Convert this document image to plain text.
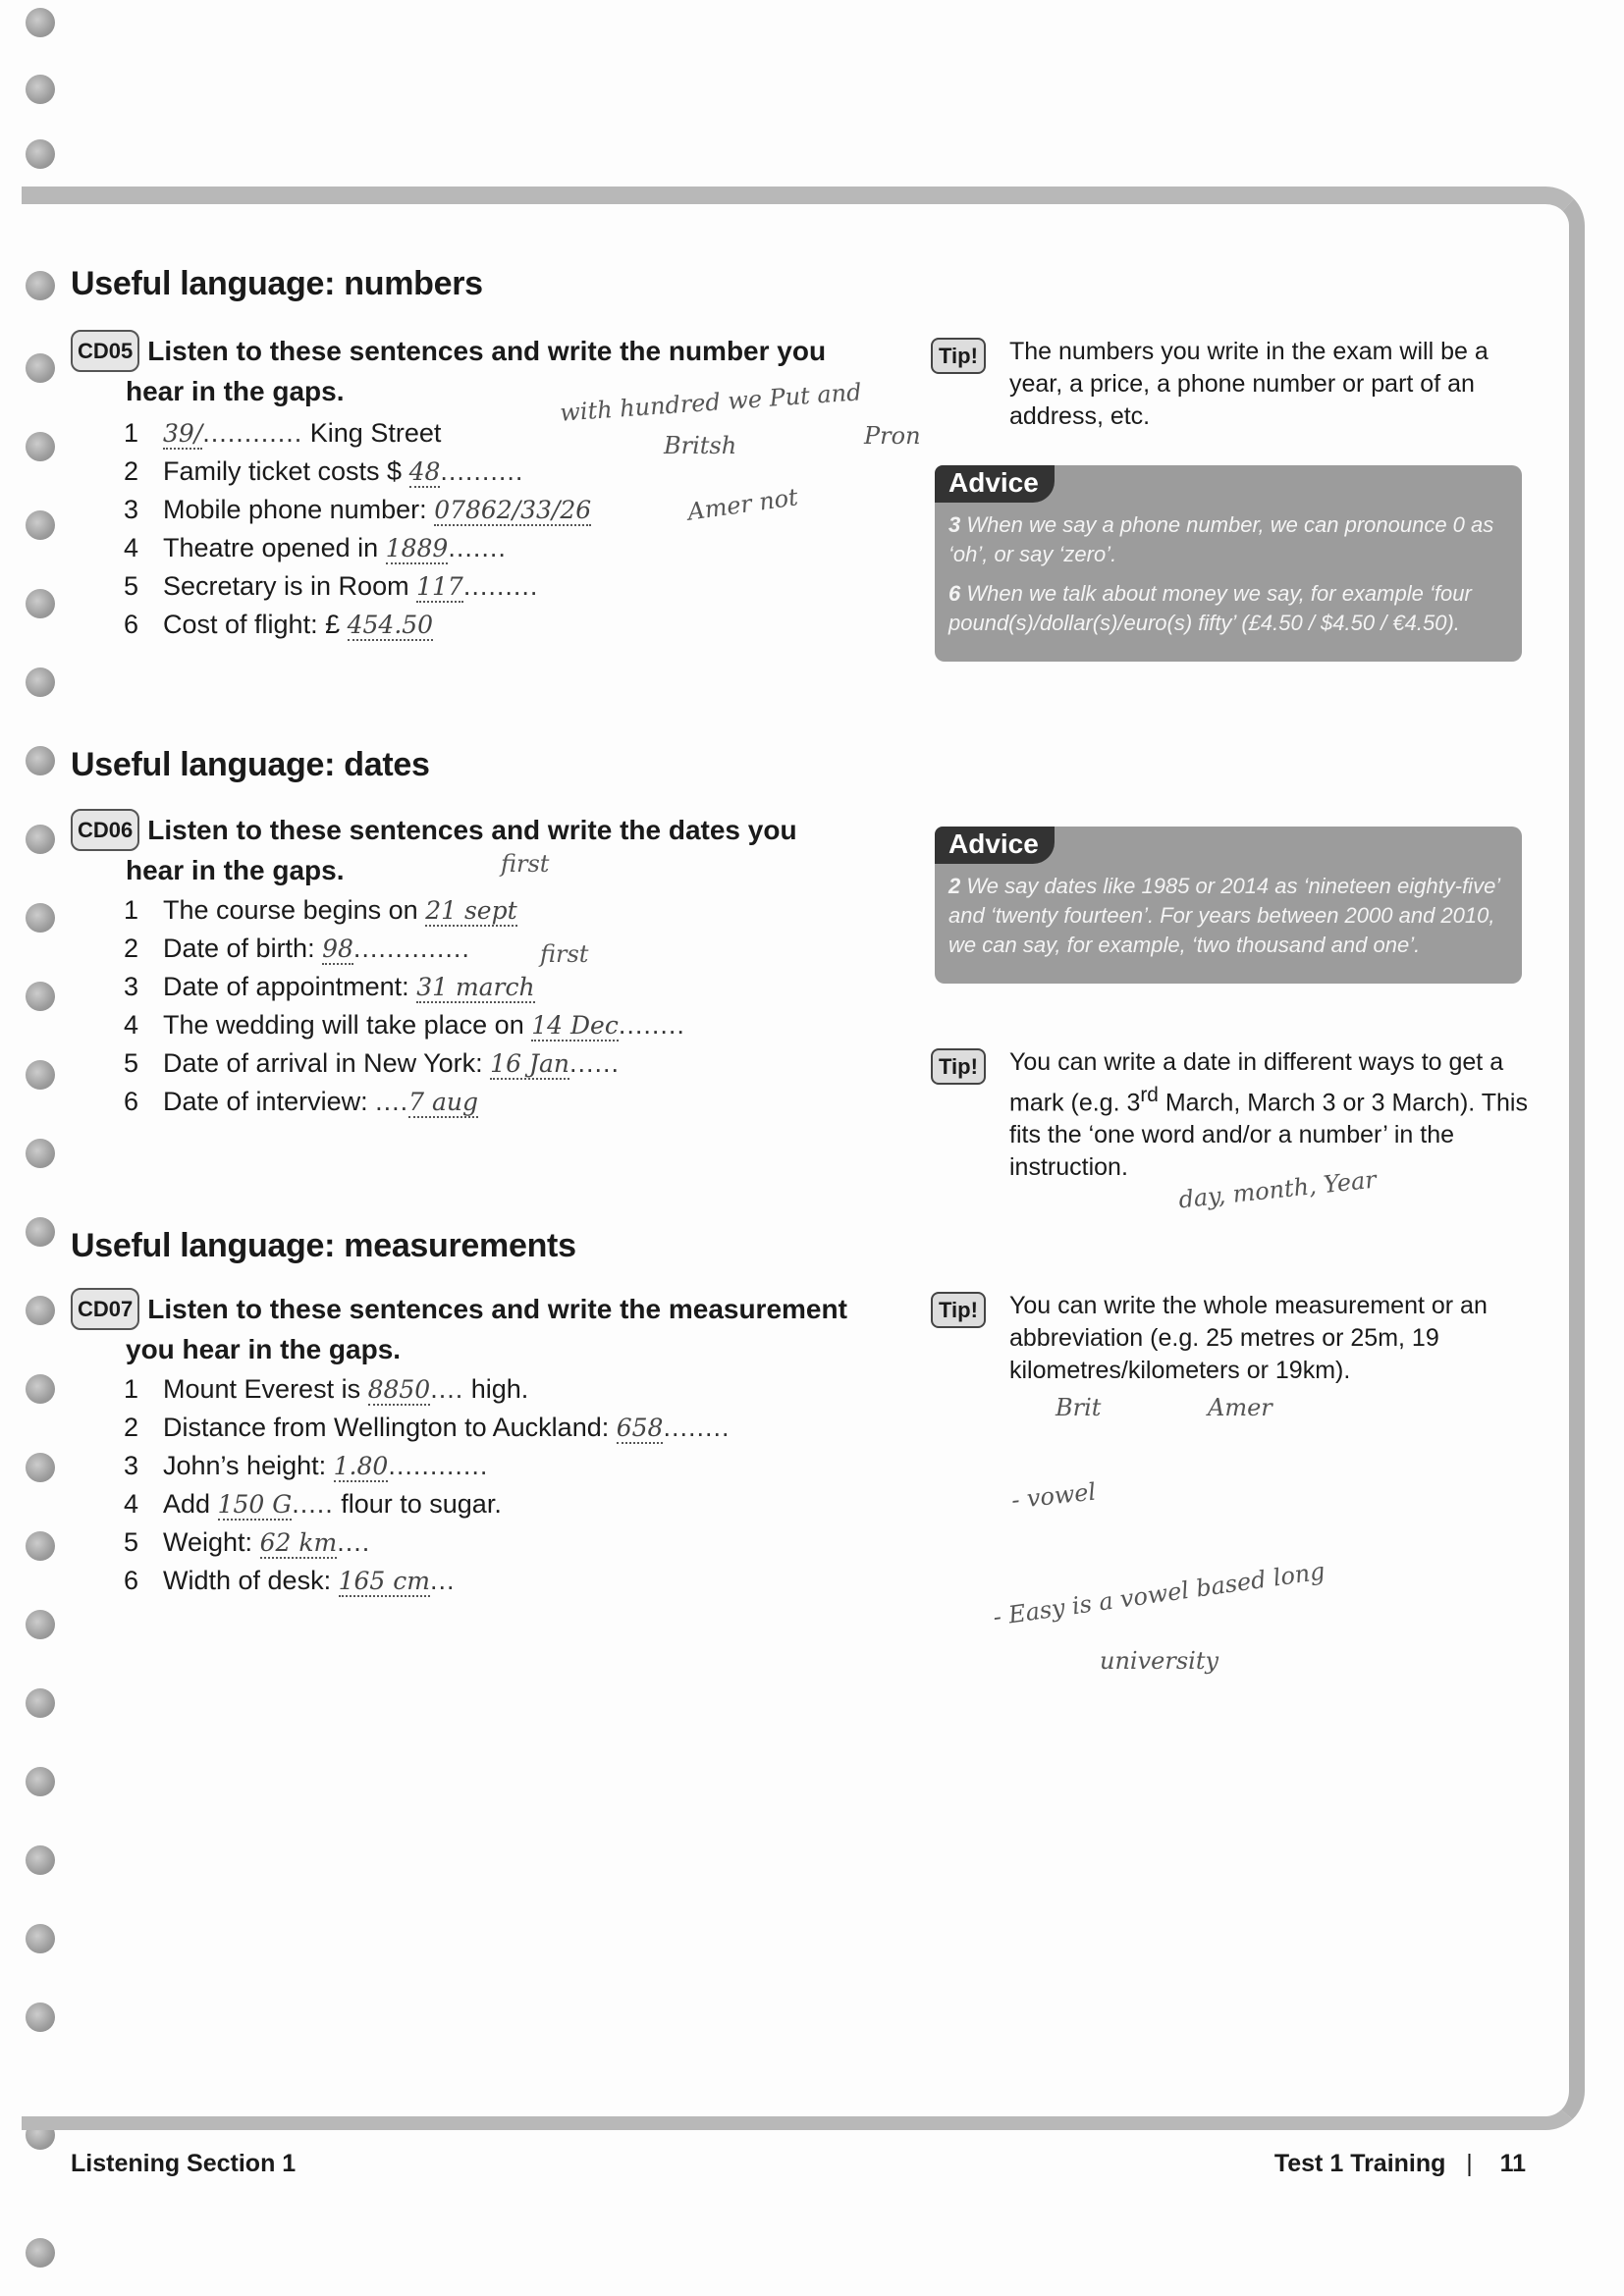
Useful language: numbers
CD05 Listen to these sentences and write the number you
hear in the gaps.
1 39/............ King Street
2 Family ticket costs $ 48..........
3 Mobile phone number: 07862/33/26
4 Theatre opened in 1889.......
5 Secretary is in Room 117.........
6 Cost of flight: £ 454.50
Tip!	The numbers you write in the exam will be a year, a price, a phone number or part of an address, etc.
Advice

3 When we say a phone number, we can pronounce 0 as ‘oh’, or say ‘zero’.

6 When we talk about money we say, for example ‘four pound(s)/dollar(s)/euro(s) fifty’ (£4.50 / $4.50 / €4.50).

with hundred we Put and
Britsh	Pron
Amer not
Useful language: dates
CD06 Listen to these sentences and write the dates you
hear in the gaps.
1 The course begins on 21 sept
2 Date of birth: 98..............
3 Date of appointment: 31 march
4 The wedding will take place on 14 Dec........
5 Date of arrival in New York: 16 Jan......
6 Date of interview: ....7 aug
first
first
Advice

2 We say dates like 1985 or 2014 as ‘nineteen eighty-five’ and ‘twenty fourteen’. For years between 2000 and 2010, we can say, for example, ‘two thousand and one’.

Tip!	You can write a date in different ways to get a mark (e.g. 3rd March, March 3 or 3 March). This fits the ‘one word and/or a number’ in the instruction.	day, month, Year
Useful language: measurements
CD07 Listen to these sentences and write the measurement
you hear in the gaps.
1 Mount Everest is 8850.... high.
2 Distance from Wellington to Auckland: 658........
3 John’s height: 1.80............
4 Add 150 G..... flour to sugar.
5 Weight: 62 km....
6 Width of desk: 165 cm...
Tip!	You can write the whole measurement or an abbreviation (e.g. 25 metres or 25m, 19 kilometres/kilometers or 19km).
Brit	Amer
- vowel
- Easy is a vowel based long
university
Listening Section 1	Test 1 Training | 11
